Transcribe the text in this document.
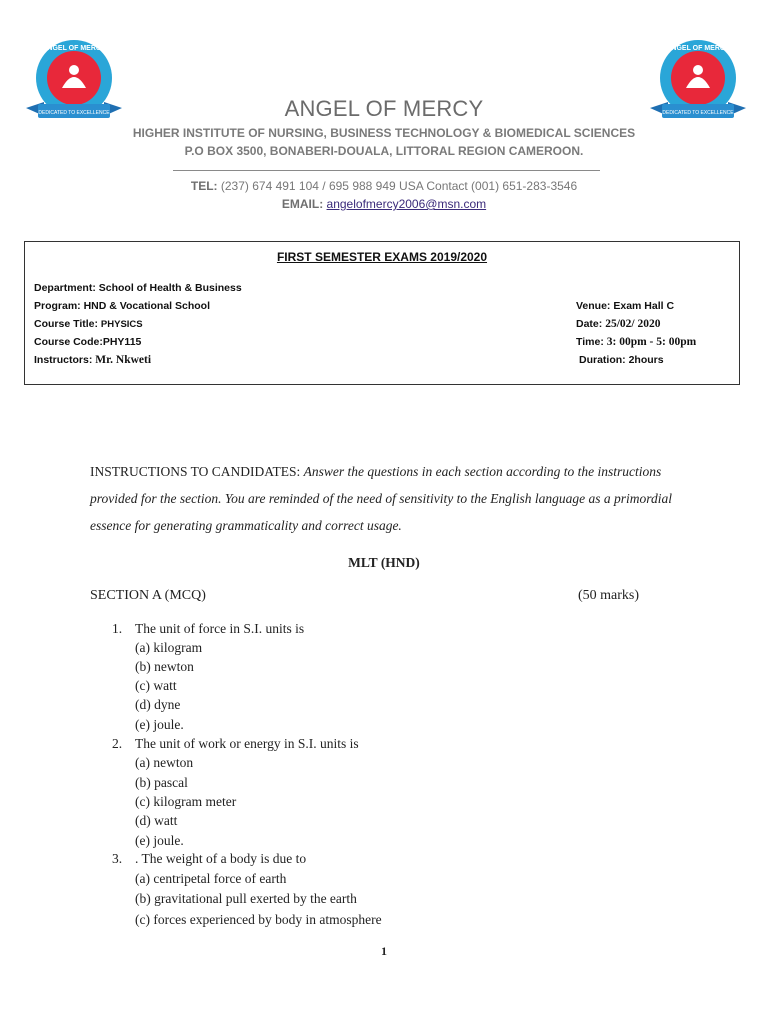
DEDICATED TO EXCELLENCE
ANGEL OF MERCY
DEDICATED TO EXCELLENCE
ANGEL OF MERCY
ANGEL OF MERCY
HIGHER INSTITUTE OF NURSING, BUSINESS TECHNOLOGY & BIOMEDICAL SCIENCES
P.O BOX 3500, BONABERI-DOUALA, LITTORAL REGION CAMEROON.
TEL: (237) 674 491 104 / 695 988 949 USA Contact (001) 651-283-3546
EMAIL: angelofmercy2006@msn.com
FIRST SEMESTER EXAMS 2019/2020
Department: School of Health & Business
Program: HND & Vocational School
Course Title: PHYSICS
Course Code:PHY115
Instructors: Mr. Nkweti
Venue: Exam Hall C
Date: 25/02/ 2020
Time: 3: 00pm - 5: 00pm
Duration: 2hours
INSTRUCTIONS TO CANDIDATES: Answer the questions in each section according to the instructions provided for the section. You are reminded of the need of sensitivity to the English language as a primordial essence for generating grammaticality and correct usage.
MLT (HND)
SECTION A (MCQ)	(50 marks)
1. The unit of force in S.I. units is
(a) kilogram
(b) newton
(c) watt
(d) dyne
(e) joule.
2. The unit of work or energy in S.I. units is
(a) newton
(b) pascal
(c) kilogram meter
(d) watt
(e) joule.
3. . The weight of a body is due to
(a) centripetal force of earth
(b) gravitational pull exerted by the earth
(c) forces experienced by body in atmosphere
1
